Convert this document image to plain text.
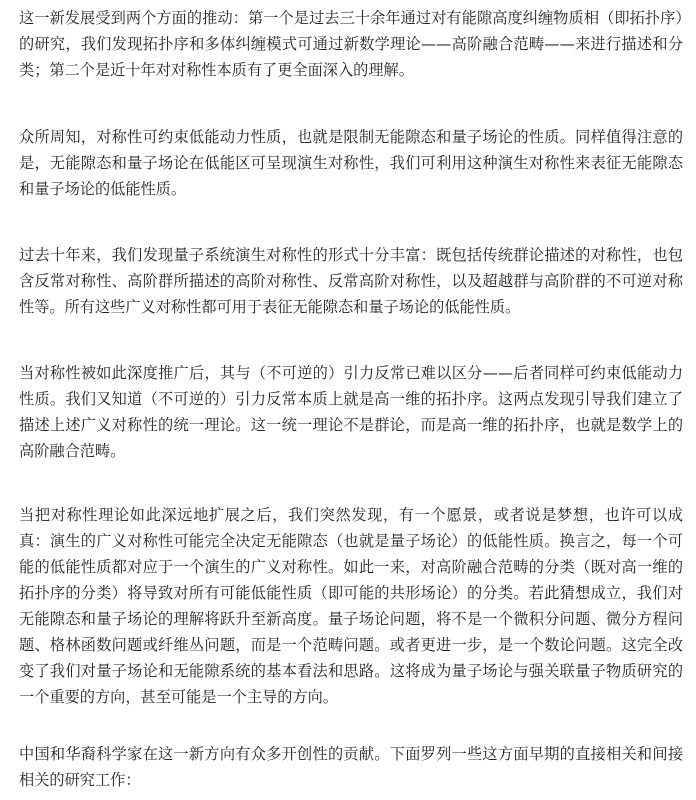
这一新发展受到两个方面的推动：第一个是过去三十余年通过对有能隙高度纠缠物质相（即拓扑序）的研究，我们发现拓扑序和多体纠缠模式可通过新数学理论——高阶融合范畴——来进行描述和分类；第二个是近十年对对称性本质有了更全面深入的理解。

众所周知，对称性可约束低能动力性质，也就是限制无能隙态和量子场论的性质。同样值得注意的是，无能隙态和量子场论在低能区可呈现演生对称性，我们可利用这种演生对称性来表征无能隙态和量子场论的低能性质。

过去十年来，我们发现量子系统演生对称性的形式十分丰富：既包括传统群论描述的对称性，也包含反常对称性、高阶群所描述的高阶对称性、反常高阶对称性，以及超越群与高阶群的不可逆对称性等。所有这些广义对称性都可用于表征无能隙态和量子场论的低能性质。

当对称性被如此深度推广后，其与（不可逆的）引力反常已难以区分——后者同样可约束低能动力性质。我们又知道（不可逆的）引力反常本质上就是高一维的拓扑序。这两点发现引导我们建立了描述上述广义对称性的统一理论。这一统一理论不是群论，而是高一维的拓扑序，也就是数学上的高阶融合范畴。

当把对称性理论如此深远地扩展之后，我们突然发现，有一个愿景，或者说是梦想，也许可以成真：演生的广义对称性可能完全决定无能隙态（也就是量子场论）的低能性质。换言之，每一个可能的低能性质都对应于一个演生的广义对称性。如此一来，对高阶融合范畴的分类（既对高一维的拓扑序的分类）将导致对所有可能低能性质（即可能的共形场论）的分类。若此猜想成立，我们对无能隙态和量子场论的理解将跃升至新高度。量子场论问题，将不是一个微积分问题、微分方程问题、格林函数问题或纤维丛问题，而是一个范畴问题。或者更进一步，是一个数论问题。这完全改变了我们对量子场论和无能隙系统的基本看法和思路。这将成为量子场论与强关联量子物质研究的一个重要的方向，甚至可能是一个主导的方向。

中国和华裔科学家在这一新方向有众多开创性的贡献。下面罗列一些这方面早期的直接相关和间接相关的研究工作：
